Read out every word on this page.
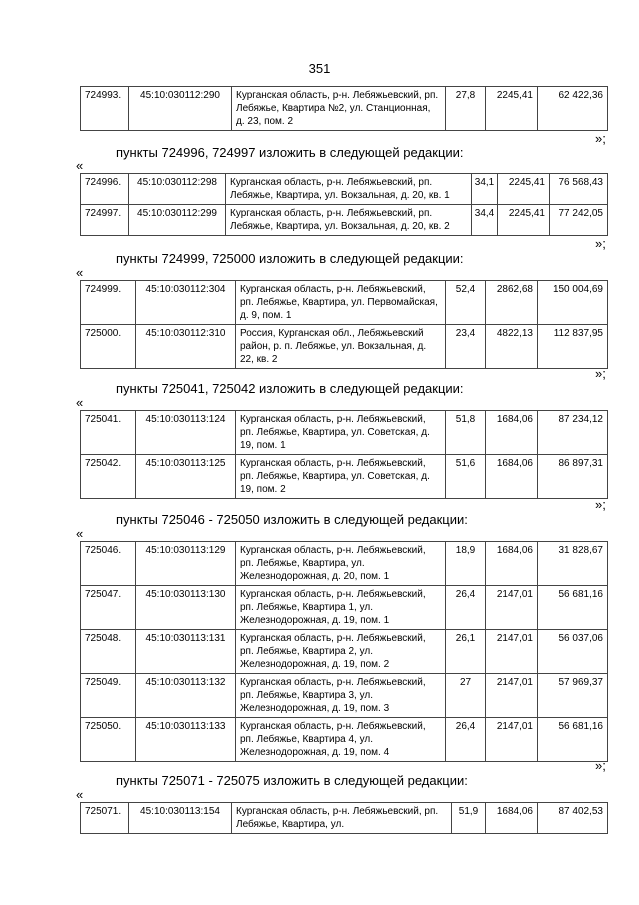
351
724993.	45:10:030112:290	Курганская область, р-н. Лебяжьевский, рп. Лебяжье, Квартира №2, ул. Станционная, д. 23, пом. 2	27,8	2245,41	62 422,36
»;
пункты 724996, 724997 изложить в следующей редакции:
«
724996.	45:10:030112:298	Курганская область, р-н. Лебяжьевский, рп. Лебяжье, Квартира, ул. Вокзальная, д. 20, кв. 1	34,1	2245,41	76 568,43
724997.	45:10:030112:299	Курганская область, р-н. Лебяжьевский, рп. Лебяжье, Квартира, ул. Вокзальная, д. 20, кв. 2	34,4	2245,41	77 242,05
»;
пункты 724999, 725000 изложить в следующей редакции:
«
724999.	45:10:030112:304	Курганская область, р-н. Лебяжьевский, рп. Лебяжье, Квартира, ул. Первомайская, д. 9, пом. 1	52,4	2862,68	150 004,69
725000.	45:10:030112:310	Россия, Курганская обл., Лебяжьевский район, р. п. Лебяжье, ул. Вокзальная, д. 22, кв. 2	23,4	4822,13	112 837,95
»;
пункты 725041, 725042 изложить в следующей редакции:
«
725041.	45:10:030113:124	Курганская область, р-н. Лебяжьевский, рп. Лебяжье, Квартира, ул. Советская, д. 19, пом. 1	51,8	1684,06	87 234,12
725042.	45:10:030113:125	Курганская область, р-н. Лебяжьевский, рп. Лебяжье, Квартира, ул. Советская, д. 19, пом. 2	51,6	1684,06	86 897,31
»;
пункты 725046 - 725050 изложить в следующей редакции:
«
725046.	45:10:030113:129	Курганская область, р-н. Лебяжьевский, рп. Лебяжье, Квартира, ул. Железнодорожная, д. 20, пом. 1	18,9	1684,06	31 828,67
725047.	45:10:030113:130	Курганская область, р-н. Лебяжьевский, рп. Лебяжье, Квартира 1, ул. Железнодорожная, д. 19, пом. 1	26,4	2147,01	56 681,16
725048.	45:10:030113:131	Курганская область, р-н. Лебяжьевский, рп. Лебяжье, Квартира 2, ул. Железнодорожная, д. 19, пом. 2	26,1	2147,01	56 037,06
725049.	45:10:030113:132	Курганская область, р-н. Лебяжьевский, рп. Лебяжье, Квартира 3, ул. Железнодорожная, д. 19, пом. 3	27	2147,01	57 969,37
725050.	45:10:030113:133	Курганская область, р-н. Лебяжьевский, рп. Лебяжье, Квартира 4, ул. Железнодорожная, д. 19, пом. 4	26,4	2147,01	56 681,16
»;
пункты 725071 - 725075 изложить в следующей редакции:
«
725071.	45:10:030113:154	Курганская область, р-н. Лебяжьевский, рп. Лебяжье, Квартира, ул.	51,9	1684,06	87 402,53
